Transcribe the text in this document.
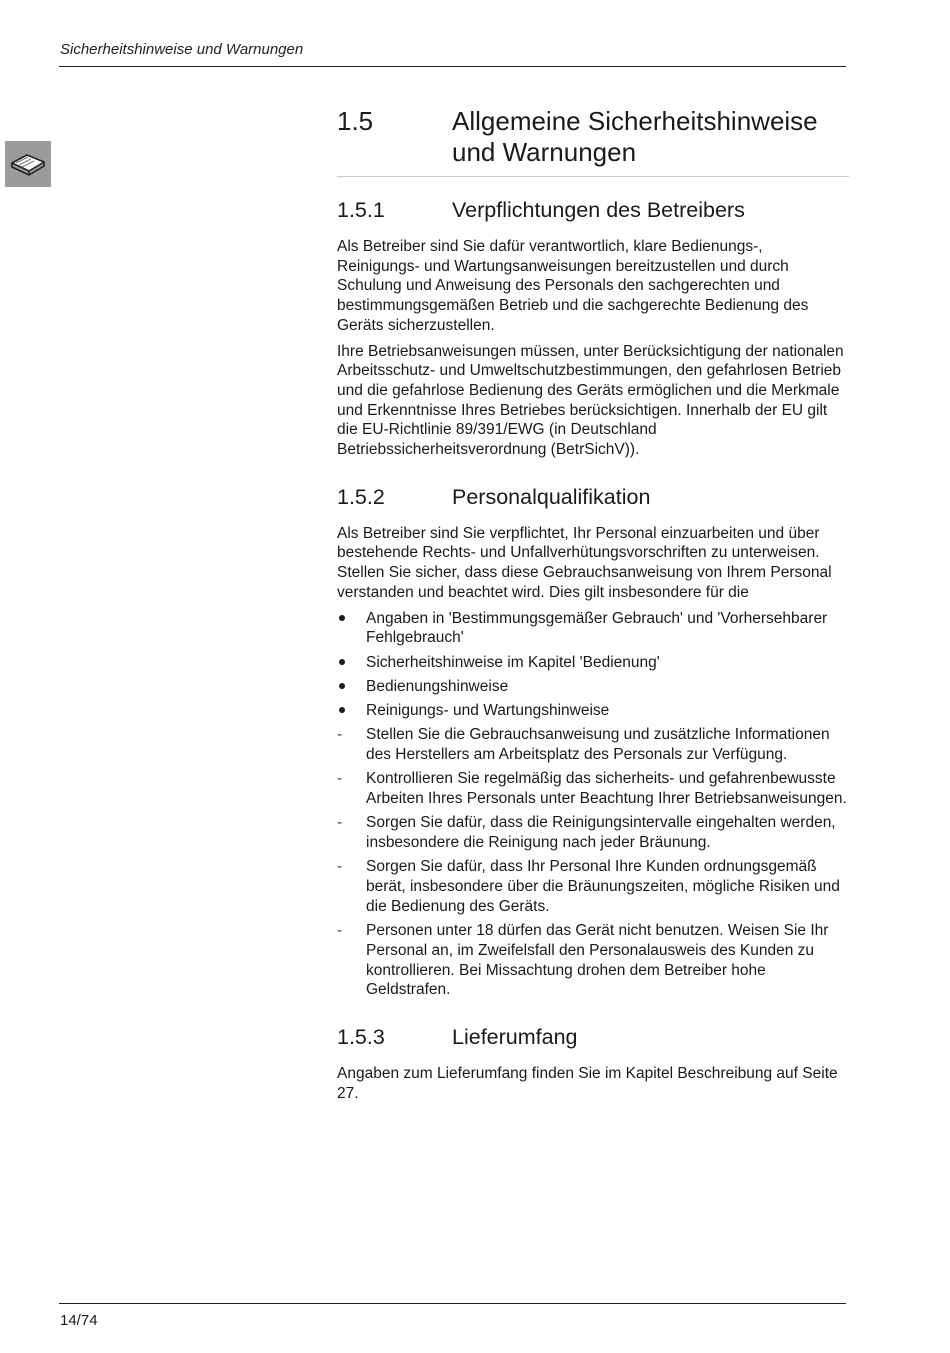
Sicherheitshinweise und Warnungen
1.5	Allgemeine Sicherheitshinweise
und Warnungen
1.5.1	Verpflichtungen des Betreibers

Als Betreiber sind Sie dafür verantwortlich, klare Bedienungs-, Reinigungs- und Wartungsanweisungen bereitzustellen und durch Schulung und Anweisung des Personals den sachgerechten und bestimmungsgemäßen Betrieb und die sachgerechte Bedienung des Geräts sicherzustellen.

Ihre Betriebsanweisungen müssen, unter Berücksichtigung der nationalen Arbeitsschutz- und Umweltschutzbestimmungen, den gefahrlosen Betrieb und die gefahrlose Bedienung des Geräts ermöglichen und die Merkmale und Erkenntnisse Ihres Betriebes berücksichtigen. Innerhalb der EU gilt die EU-Richtlinie 89/391/EWG (in Deutschland Betriebssicherheitsverordnung (BetrSichV)).

1.5.2	Personalqualifikation

Als Betreiber sind Sie verpflichtet, Ihr Personal einzuarbeiten und über bestehende Rechts- und Unfallverhütungsvorschriften zu unterweisen. Stellen Sie sicher, dass diese Gebrauchsanweisung von Ihrem Personal verstanden und beachtet wird. Dies gilt insbesondere für die

Angaben in 'Bestimmungsgemäßer Gebrauch' und 'Vorhersehbarer Fehlgebrauch'
Sicherheitshinweise im Kapitel 'Bedienung'
Bedienungshinweise
Reinigungs- und Wartungshinweise
-	Stellen Sie die Gebrauchsanweisung und zusätzliche Informationen des Herstellers am Arbeitsplatz des Personals zur Verfügung.
-	Kontrollieren Sie regelmäßig das sicherheits- und gefahrenbewusste Arbeiten Ihres Personals unter Beachtung Ihrer Betriebsanweisungen.
-	Sorgen Sie dafür, dass die Reinigungsintervalle eingehalten werden, insbesondere die Reinigung nach jeder Bräunung.
-	Sorgen Sie dafür, dass Ihr Personal Ihre Kunden ordnungsgemäß berät, insbesondere über die Bräunungszeiten, mögliche Risiken und die Bedienung des Geräts.
-	Personen unter 18 dürfen das Gerät nicht benutzen. Weisen Sie Ihr Personal an, im Zweifelsfall den Personalausweis des Kunden zu kontrollieren. Bei Missachtung drohen dem Betreiber hohe Geldstrafen.
1.5.3	Lieferumfang

Angaben zum Lieferumfang finden Sie im Kapitel Beschreibung auf Seite 27.

14/74
